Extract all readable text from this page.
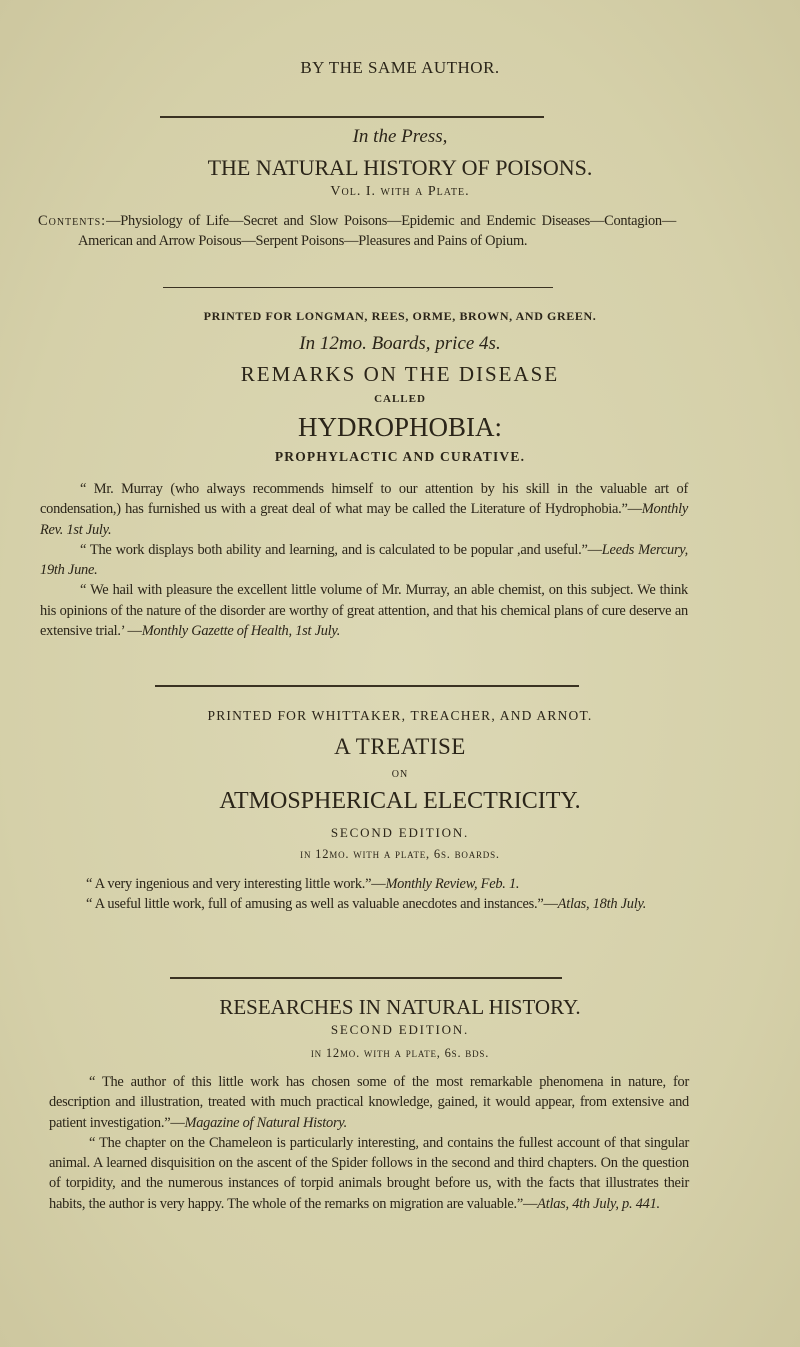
BY THE SAME AUTHOR.
In the Press,
THE NATURAL HISTORY OF POISONS.
Vol. I. with a Plate.

Contents:—Physiology of Life—Secret and Slow Poisons—Epidemic and Endemic Diseases—Contagion—American and Arrow Poisous—Serpent Poisons—Pleasures and Pains of Opium.

PRINTED FOR LONGMAN, REES, ORME, BROWN, AND GREEN.
In 12mo. Boards, price 4s.
REMARKS ON THE DISEASE
CALLED
HYDROPHOBIA:
PROPHYLACTIC AND CURATIVE.

“ Mr. Murray (who always recommends himself to our attention by his skill in the valuable art of condensation,) has furnished us with a great deal of what may be called the Literature of Hydrophobia.”—Monthly Rev. 1st July.

“ The work displays both ability and learning, and is calculated to be popular ,and useful.”—Leeds Mercury, 19th June.

“ We hail with pleasure the excellent little volume of Mr. Murray, an able chemist, on this subject. We think his opinions of the nature of the disorder are worthy of great attention, and that his chemical plans of cure deserve an extensive trial.’ —Monthly Gazette of Health, 1st July.

PRINTED FOR WHITTAKER, TREACHER, AND ARNOT.
A TREATISE
ON
ATMOSPHERICAL ELECTRICITY.
SECOND EDITION.
in 12mo. with a plate, 6s. boards.

“ A very ingenious and very interesting little work.”—Monthly Review, Feb. 1.

“ A useful little work, full of amusing as well as valuable anecdotes and instances.”—Atlas, 18th July.

RESEARCHES IN NATURAL HISTORY.
SECOND EDITION.
in 12mo. with a plate, 6s. bds.

“ The author of this little work has chosen some of the most remarkable phenomena in nature, for description and illustration, treated with much practical knowledge, gained, it would appear, from extensive and patient investigation.”—Magazine of Natural History.

“ The chapter on the Chameleon is particularly interesting, and contains the fullest account of that singular animal. A learned disquisition on the ascent of the Spider follows in the second and third chapters. On the question of torpidity, and the numerous instances of torpid animals brought before us, with the facts that illustrates their habits, the author is very happy. The whole of the remarks on migration are valuable.”—Atlas, 4th July, p. 441.
